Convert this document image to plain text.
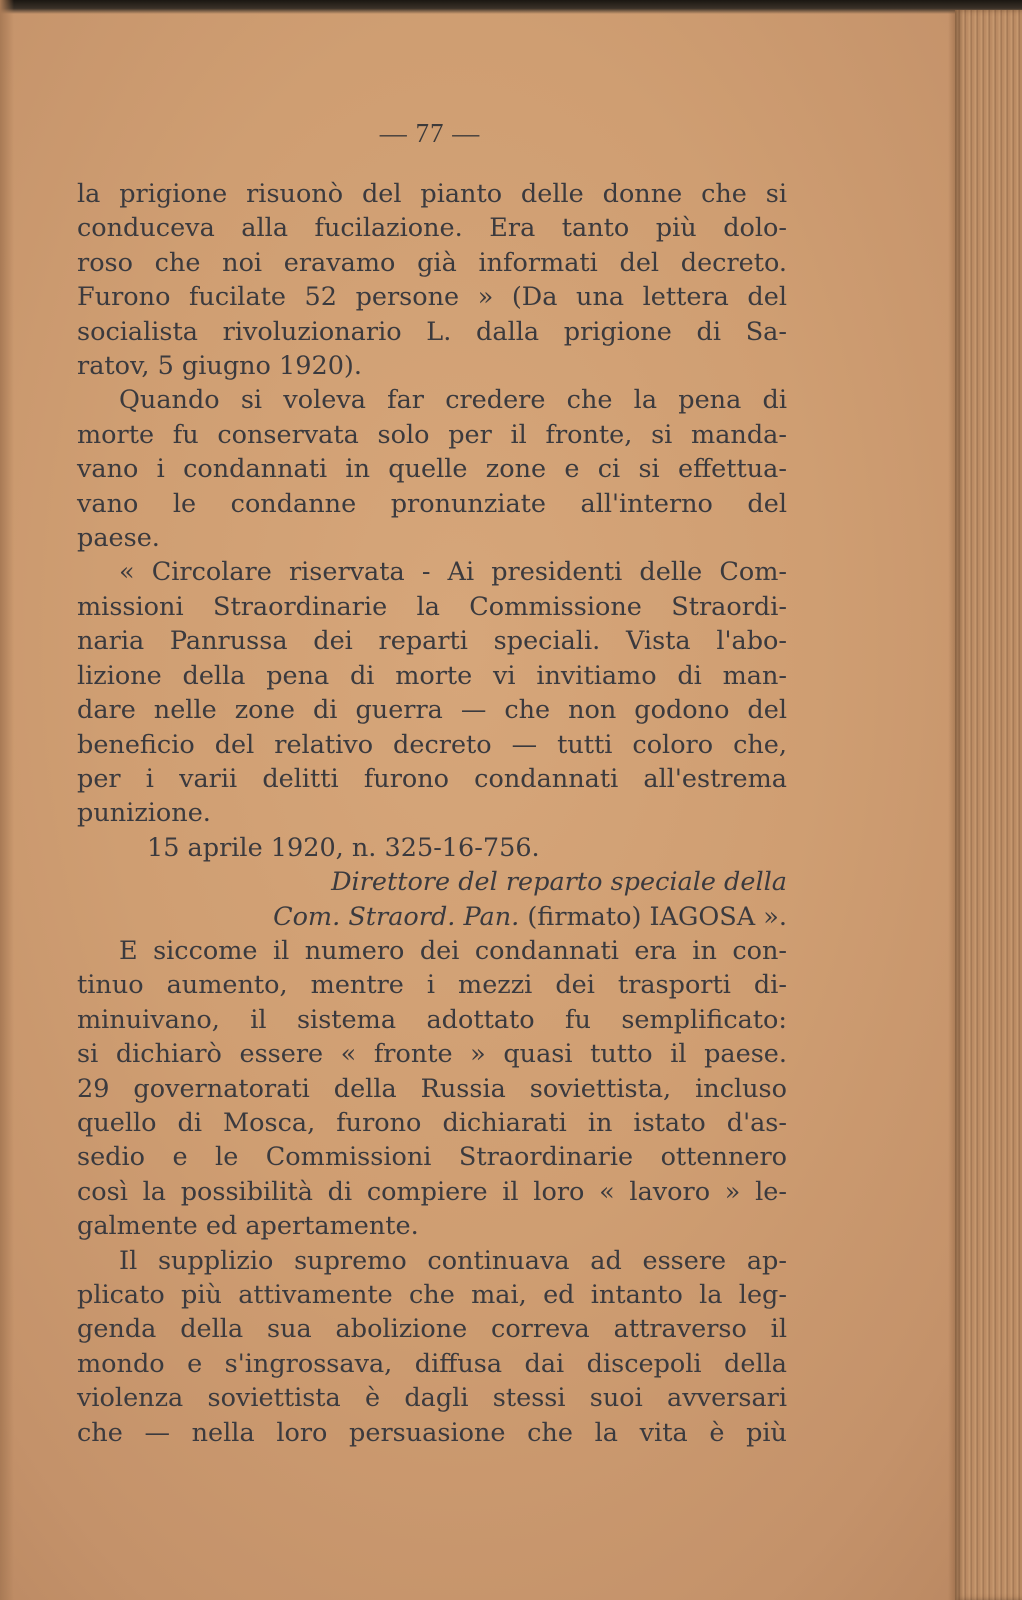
— 77 —
la prigione risuonò del pianto delle donne che si
conduceva alla fucilazione. Era tanto più dolo-
roso che noi eravamo già informati del decreto.
Furono fucilate 52 persone » (Da una lettera del
socialista rivoluzionario L. dalla prigione di Sa-
ratov, 5 giugno 1920).
Quando si voleva far credere che la pena di
morte fu conservata solo per il fronte, si manda-
vano i condannati in quelle zone e ci si effettua-
vano le condanne pronunziate all'interno del
paese.
« Circolare riservata - Ai presidenti delle Com-
missioni Straordinarie la Commissione Straordi-
naria Panrussa dei reparti speciali. Vista l'abo-
lizione della pena di morte vi invitiamo di man-
dare nelle zone di guerra — che non godono del
beneficio del relativo decreto — tutti coloro che,
per i varii delitti furono condannati all'estrema
punizione.
15 aprile 1920, n. 325-16-756.
Direttore del reparto speciale della
Com. Straord. Pan. (firmato) IAGOSA ».
E siccome il numero dei condannati era in con-
tinuo aumento, mentre i mezzi dei trasporti di-
minuivano, il sistema adottato fu semplificato:
si dichiarò essere « fronte » quasi tutto il paese.
29 governatorati della Russia soviettista, incluso
quello di Mosca, furono dichiarati in istato d'as-
sedio e le Commissioni Straordinarie ottennero
così la possibilità di compiere il loro « lavoro » le-
galmente ed apertamente.
Il supplizio supremo continuava ad essere ap-
plicato più attivamente che mai, ed intanto la leg-
genda della sua abolizione correva attraverso il
mondo e s'ingrossava, diffusa dai discepoli della
violenza soviettista è dagli stessi suoi avversari
che — nella loro persuasione che la vita è più
